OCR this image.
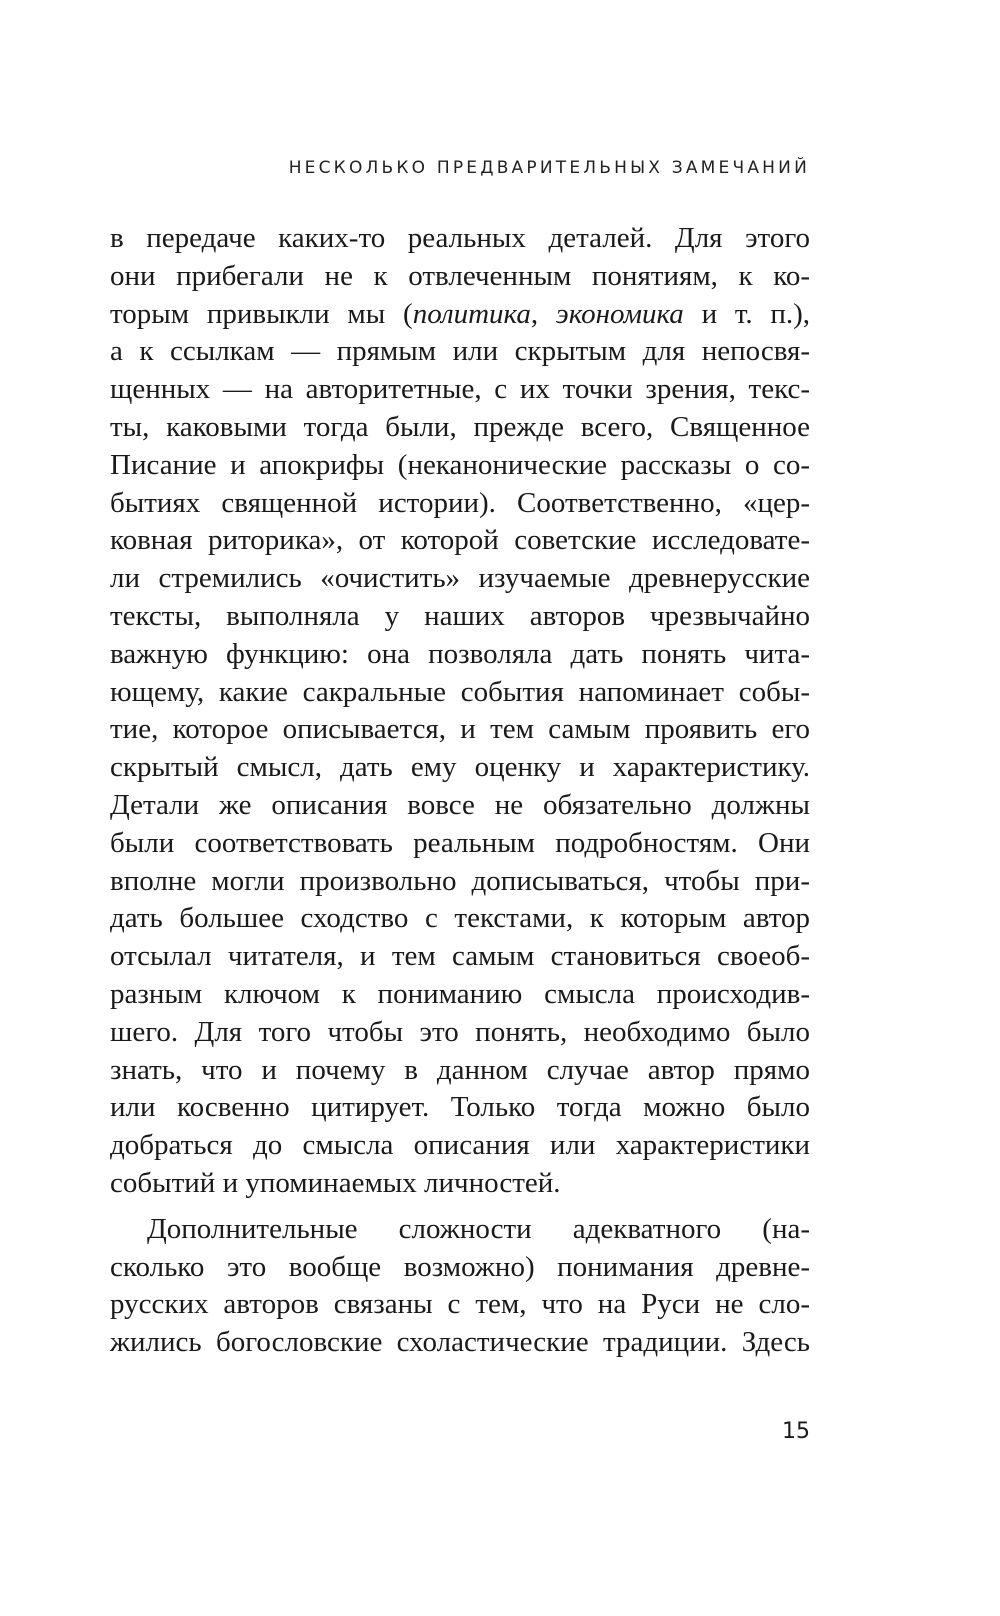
НЕСКОЛЬКО ПРЕДВАРИТЕЛЬНЫХ ЗАМЕЧАНИЙ
в передаче каких-то реальных деталей. Для этого
они прибегали не к отвлеченным понятиям, к ко-
торым привыкли мы (политика, экономика и т. п.),
а к ссылкам — прямым или скрытым для непосвя-
щенных — на авторитетные, с их точки зрения, текс-
ты, каковыми тогда были, прежде всего, Священное
Писание и апокрифы (неканонические рассказы о со-
бытиях священной истории). Соответственно, «цер-
ковная риторика», от которой советские исследовате-
ли стремились «очистить» изучаемые древнерусские
тексты, выполняла у наших авторов чрезвычайно
важную функцию: она позволяла дать понять чита-
ющему, какие сакральные события напоминает собы-
тие, которое описывается, и тем самым проявить его
скрытый смысл, дать ему оценку и характеристику.
Детали же описания вовсе не обязательно должны
были соответствовать реальным подробностям. Они
вполне могли произвольно дописываться, чтобы при-
дать большее сходство с текстами, к которым автор
отсылал читателя, и тем самым становиться своеоб-
разным ключом к пониманию смысла происходив-
шего. Для того чтобы это понять, необходимо было
знать, что и почему в данном случае автор прямо
или косвенно цитирует. Только тогда можно было
добраться до смысла описания или характеристики
событий и упоминаемых личностей.
Дополнительные сложности адекватного (на-
сколько это вообще возможно) понимания древне-
русских авторов связаны с тем, что на Руси не сло-
жились богословские схоластические традиции. Здесь
15
